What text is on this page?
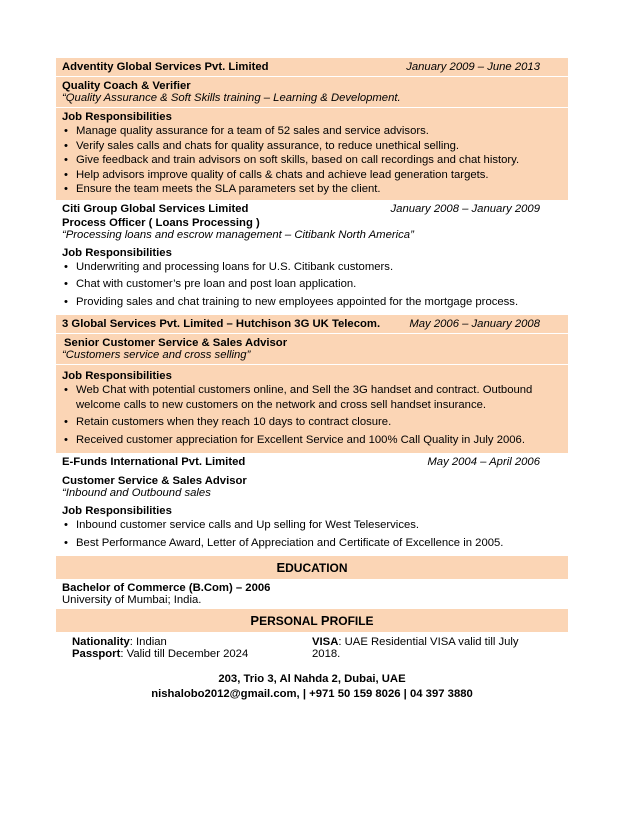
Adventity Global Services Pvt. Limited	January 2009 – June 2013
Quality Coach & Verifier
“Quality Assurance & Soft Skills training – Learning & Development.
Job Responsibilities
• Manage quality assurance for a team of 52 sales and service advisors.
• Verify sales calls and chats for quality assurance, to reduce unethical selling.
• Give feedback and train advisors on soft skills, based on call recordings and chat history.
• Help advisors improve quality of calls & chats and achieve lead generation targets.
• Ensure the team meets the SLA parameters set by the client.
Citi Group Global Services Limited	January 2008 – January 2009
Process Officer ( Loans Processing )
“Processing loans and escrow management – Citibank North America”
Job Responsibilities
• Underwriting and processing loans for U.S. Citibank customers.
• Chat with customer’s pre loan and post loan application.
• Providing sales and chat training to new employees appointed for the mortgage process.
3 Global Services Pvt. Limited – Hutchison 3G UK Telecom.	May 2006 – January 2008
Senior Customer Service & Sales Advisor
“Customers service and cross selling”
Job Responsibilities
• Web Chat with potential customers online, and Sell the 3G handset and contract. Outbound welcome calls to new customers on the network and cross sell handset insurance.
• Retain customers when they reach 10 days to contract closure.
• Received customer appreciation for Excellent Service and 100% Call Quality in July 2006.
E-Funds International Pvt. Limited	May 2004 – April 2006
Customer Service & Sales Advisor
“Inbound and Outbound sales
Job Responsibilities
• Inbound customer service calls and Up selling for West Teleservices.
• Best Performance Award, Letter of Appreciation and Certificate of Excellence in 2005.
EDUCATION
Bachelor of Commerce (B.Com) – 2006
University of Mumbai; India.
PERSONAL PROFILE
Nationality: Indian
Passport: Valid till December 2024
VISA: UAE Residential VISA valid till July 2018.
203, Trio 3, Al Nahda 2, Dubai, UAE
nishalobo2012@gmail.com, | +971 50 159 8026 | 04 397 3880
